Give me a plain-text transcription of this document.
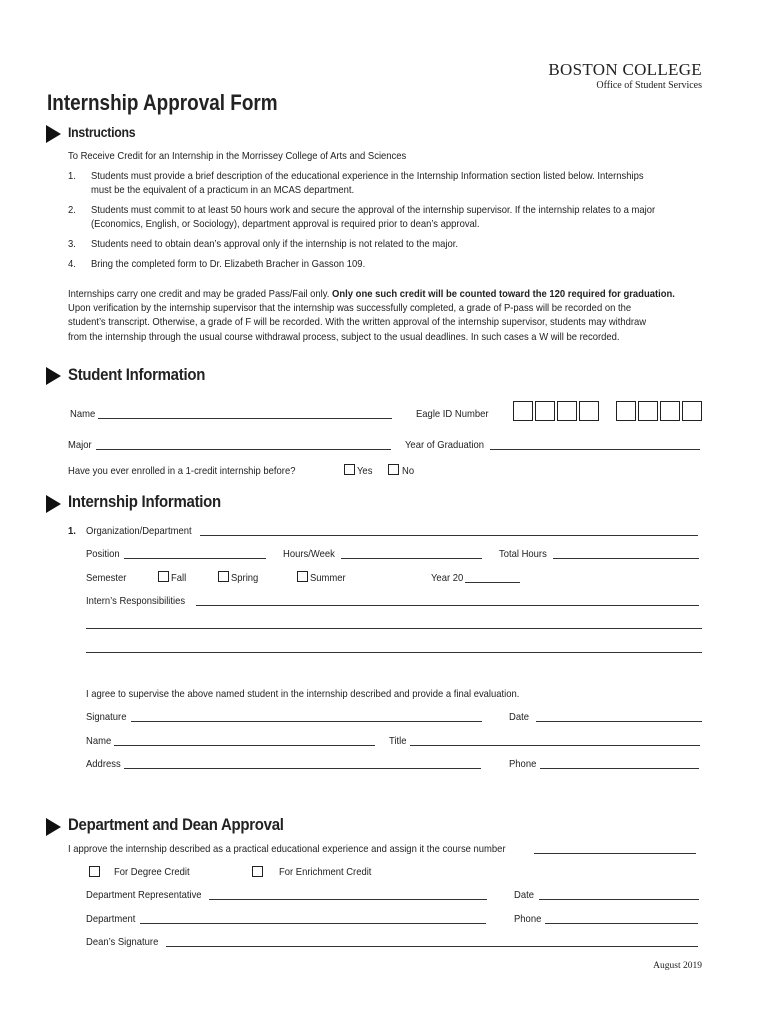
BOSTON COLLEGE
Office of Student Services
Internship Approval Form
Instructions
To Receive Credit for an Internship in the Morrissey College of Arts and Sciences
1. Students must provide a brief description of the educational experience in the Internship Information section listed below. Internships
must be the equivalent of a practicum in an MCAS department.
2. Students must commit to at least 50 hours work and secure the approval of the internship supervisor. If the internship relates to a major
(Economics, English, or Sociology), department approval is required prior to dean’s approval.
3. Students need to obtain dean’s approval only if the internship is not related to the major.
4. Bring the completed form to Dr. Elizabeth Bracher in Gasson 109.
Internships carry one credit and may be graded Pass/Fail only. Only one such credit will be counted toward the 120 required for graduation.
Upon verification by the internship supervisor that the internship was successfully completed, a grade of P-pass will be recorded on the
student’s transcript. Otherwise, a grade of F will be recorded. With the written approval of the internship supervisor, students may withdraw
from the internship through the usual course withdrawal process, subject to the usual deadlines. In such cases a W will be recorded.
Student Information
Name	Eagle ID Number
Major	Year of Graduation
Have you ever enrolled in a 1-credit internship before?	Yes	No
Internship Information
1. Organization/Department
Position	Hours/Week	Total Hours
Semester	Fall	Spring	Summer	Year 20
Intern’s Responsibilities
I agree to supervise the above named student in the internship described and provide a final evaluation.
Signature	Date
Name	Title
Address	Phone
Department and Dean Approval
I approve the internship described as a practical educational experience and assign it the course number
For Degree Credit	For Enrichment Credit
Department Representative	Date
Department	Phone
Dean’s Signature
August 2019
